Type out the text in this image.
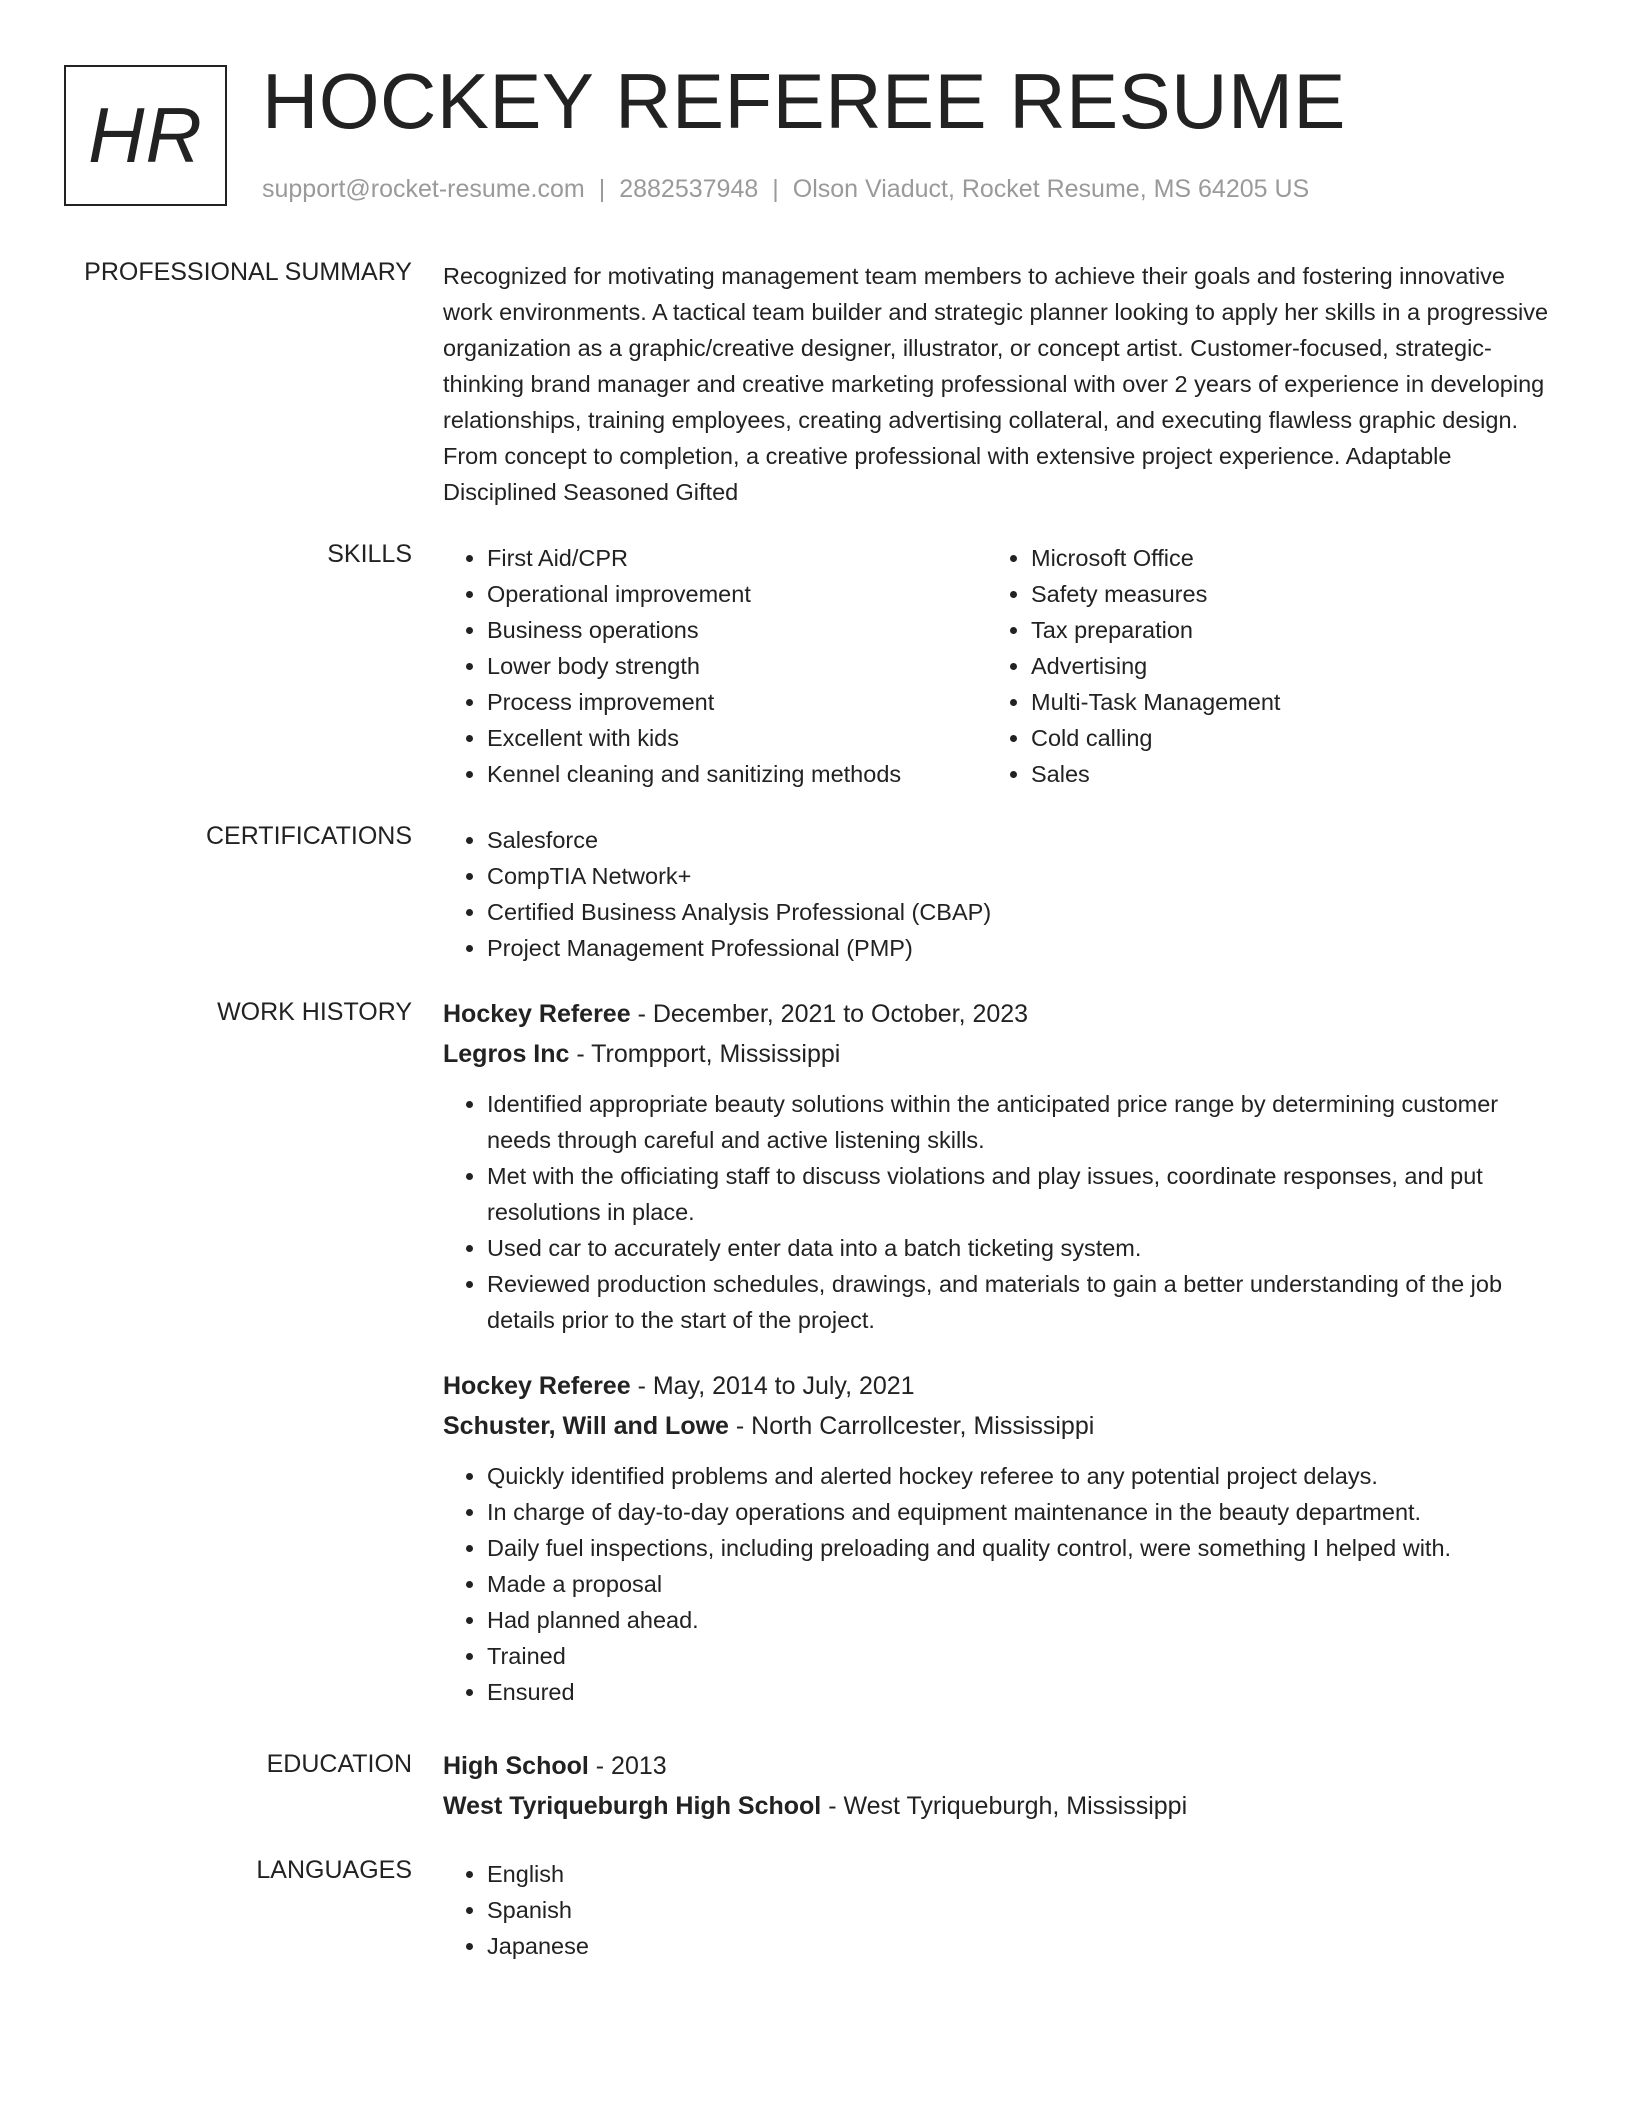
HR HOCKEY REFEREE RESUME
support@rocket-resume.com | 2882537948 | Olson Viaduct, Rocket Resume, MS 64205 US
PROFESSIONAL SUMMARY Recognized for motivating management team members to achieve their goals and fostering innovative work environments. A tactical team builder and strategic planner looking to apply her skills in a progressive organization as a graphic/creative designer, illustrator, or concept artist. Customer-focused, strategic-thinking brand manager and creative marketing professional with over 2 years of experience in developing relationships, training employees, creating advertising collateral, and executing flawless graphic design. From concept to completion, a creative professional with extensive project experience. Adaptable Disciplined Seasoned Gifted

SKILLS	• First Aid/CPR
• Operational improvement
• Business operations
• Lower body strength
• Process improvement
• Excellent with kids
• Kennel cleaning and sanitizing methods
• Microsoft Office
• Safety measures
• Tax preparation
• Advertising
• Multi-Task Management
• Cold calling
• Sales
CERTIFICATIONS	• Salesforce
• CompTIA Network+
• Certified Business Analysis Professional (CBAP)
• Project Management Professional (PMP)
WORK HISTORY Hockey Referee - December, 2021 to October, 2023
Legros Inc - Trompport, Mississippi
• Identified appropriate beauty solutions within the anticipated price range by determining customer needs through careful and active listening skills.
• Met with the officiating staff to discuss violations and play issues, coordinate responses, and put resolutions in place.
• Used car to accurately enter data into a batch ticketing system.
• Reviewed production schedules, drawings, and materials to gain a better understanding of the job details prior to the start of the project.
Hockey Referee - May, 2014 to July, 2021
Schuster, Will and Lowe - North Carrollcester, Mississippi
• Quickly identified problems and alerted hockey referee to any potential project delays.
• In charge of day-to-day operations and equipment maintenance in the beauty department.
• Daily fuel inspections, including preloading and quality control, were something I helped with.
• Made a proposal
• Had planned ahead.
• Trained
• Ensured
EDUCATION High School - 2013
West Tyriqueburgh High School - West Tyriqueburgh, Mississippi
LANGUAGES	• English
• Spanish
• Japanese
